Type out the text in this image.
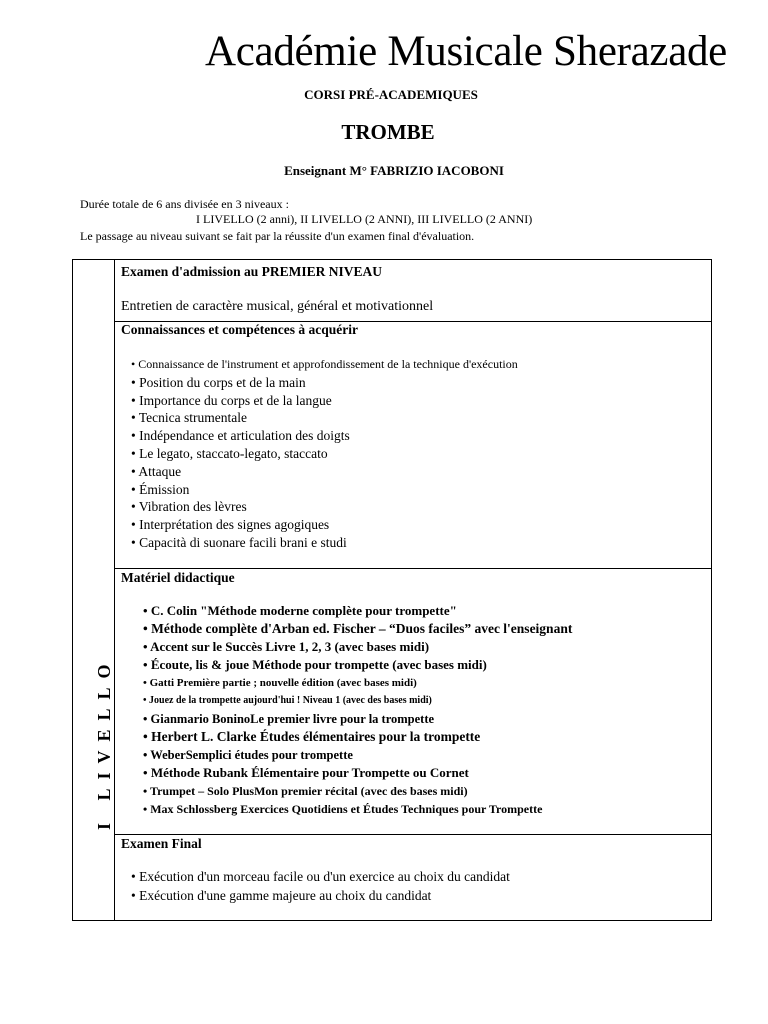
Académie Musicale Sherazade
CORSI PRÉ-ACADEMIQUES
TROMBE
Enseignant M° FABRIZIO IACOBONI
Durée totale de 6 ans divisée en 3 niveaux :
I LIVELLO (2 anni), II LIVELLO (2 ANNI), III LIVELLO (2 ANNI)
Le passage au niveau suivant se fait par la réussite d'un examen final d'évaluation.
I LIVELLO
Examen d'admission au PREMIER NIVEAU
Entretien de caractère musical, général et motivationnel
Connaissances et compétences à acquérir
• Connaissance de l'instrument et approfondissement de la technique d'exécution
• Position du corps et de la main
• Importance du corps et de la langue
• Tecnica strumentale
• Indépendance et articulation des doigts
• Le legato, staccato-legato, staccato
• Attaque
• Émission
• Vibration des lèvres
• Interprétation des signes agogiques
• Capacità di suonare facili brani e studi
Matériel didactique
• C. Colin "Méthode moderne complète pour trompette"
• Méthode complète d'Arban ed. Fischer – “Duos faciles” avec l'enseignant
• Accent sur le Succès Livre 1, 2, 3 (avec bases midi)
• Écoute, lis & joue Méthode pour trompette (avec bases midi)
• Gatti Première partie ; nouvelle édition (avec bases midi)
• Jouez de la trompette aujourd'hui ! Niveau 1 (avec des bases midi)
• Gianmario BoninoLe premier livre pour la trompette
• Herbert L. Clarke Études élémentaires pour la trompette
• WeberSemplici études pour trompette
• Méthode Rubank Élémentaire pour Trompette ou Cornet
• Trumpet – Solo PlusMon premier récital (avec des bases midi)
• Max Schlossberg Exercices Quotidiens et Études Techniques pour Trompette
Examen Final
• Exécution d'un morceau facile ou d'un exercice au choix du candidat
• Exécution d'une gamme majeure au choix du candidat
